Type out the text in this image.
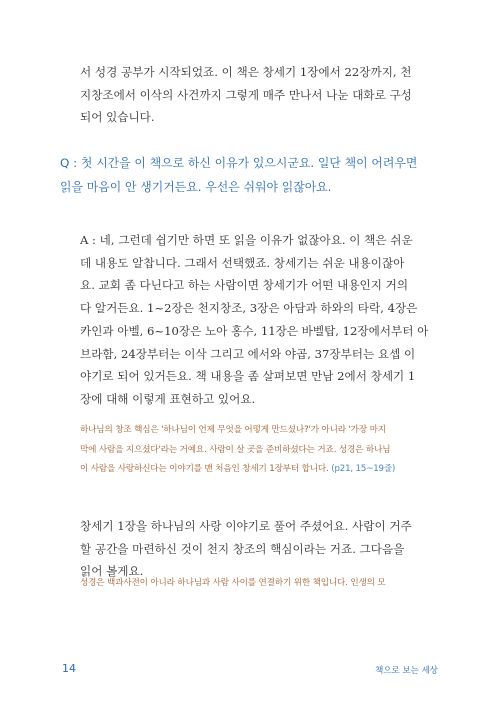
서 성경 공부가 시작되었죠. 이 책은 창세기 1장에서 22장까지, 천
지창조에서 이삭의 사건까지 그렇게 매주 만나서 나눈 대화로 구성
되어 있습니다.
Q : 첫 시간을 이 책으로 하신 이유가 있으시군요. 일단 책이 어려우면
읽을 마음이 안 생기거든요. 우선은 쉬워야 읽잖아요.
A : 네, 그런데 쉽기만 하면 또 읽을 이유가 없잖아요. 이 책은 쉬운
데 내용도 알찹니다. 그래서 선택했죠. 창세기는 쉬운 내용이잖아
요. 교회 좀 다닌다고 하는 사람이면 창세기가 어떤 내용인지 거의
다 알거든요. 1~2장은 천지창조, 3장은 아담과 하와의 타락, 4장은
카인과 아벨, 6~10장은 노아 홍수, 11장은 바벨탑, 12장에서부터 아
브라함, 24장부터는 이삭 그리고 에서와 야곱, 37장부터는 요셉 이
야기로 되어 있거든요. 책 내용을 좀 살펴보면 만남 2에서 창세기 1
장에 대해 이렇게 표현하고 있어요.
하나님의 창조 핵심은 '하나님이 언제 무엇을 어떻게 만드셨나?'가 아니라 '가장 마지
막에 사람을 지으셨다'라는 거예요. 사람이 살 곳을 준비하셨다는 거죠. 성경은 하나님
이 사람을 사랑하신다는 이야기를 맨 처음인 창세기 1장부터 합니다. (p21, 15~19줄)
창세기 1장을 하나님의 사랑 이야기로 풀어 주셨어요. 사람이 거주
할 공간을 마련하신 것이 천지 창조의 핵심이라는 거죠. 그다음을
읽어 볼게요.
성경은 백과사전이 아니라 하나님과 사람 사이를 연결하기 위한 책입니다. 인생의 모
14	책으로 보는 세상
